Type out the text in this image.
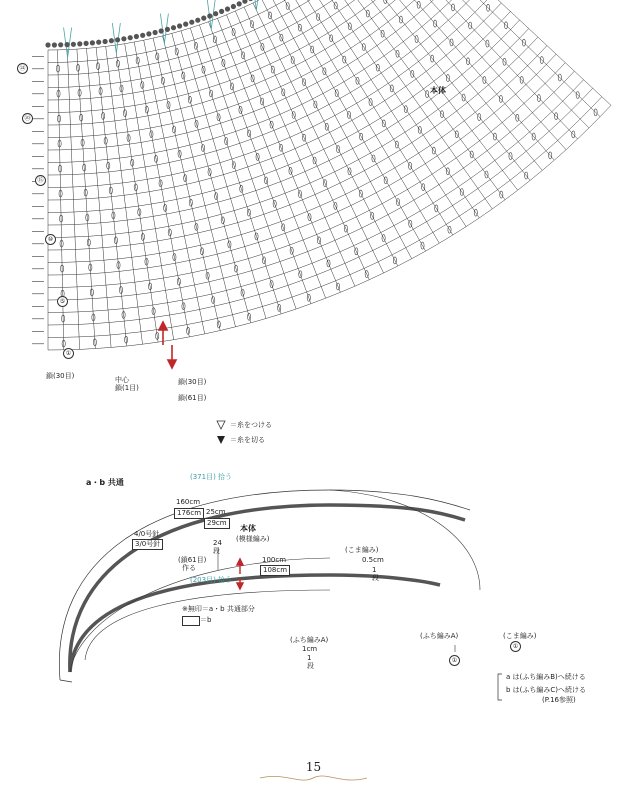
本体
㉔
⑳
⑮
⑩
⑤
①
鎖(30目)	中心
鎖(1目)
鎖(30目)
鎖(61目)
＝糸をつける
＝糸を切る
a・b 共通
(371目) 拾う
160cm
176cm 25cm
29cm
4/0号針
3/0号針
本体
(模様編み)
24
段
(鎖61目)
作る
100cm
108cm
(203目) 拾う
(こま編み)
0.5cm
1
段
(ふち編みA)
1cm
1
段
※無印＝a・b 共通部分
＝b
(ふち編みA)	(こま編み)
①
①
a は(ふち編みB)へ続ける
b は(ふち編みC)へ続ける
(P.16参照)
15
